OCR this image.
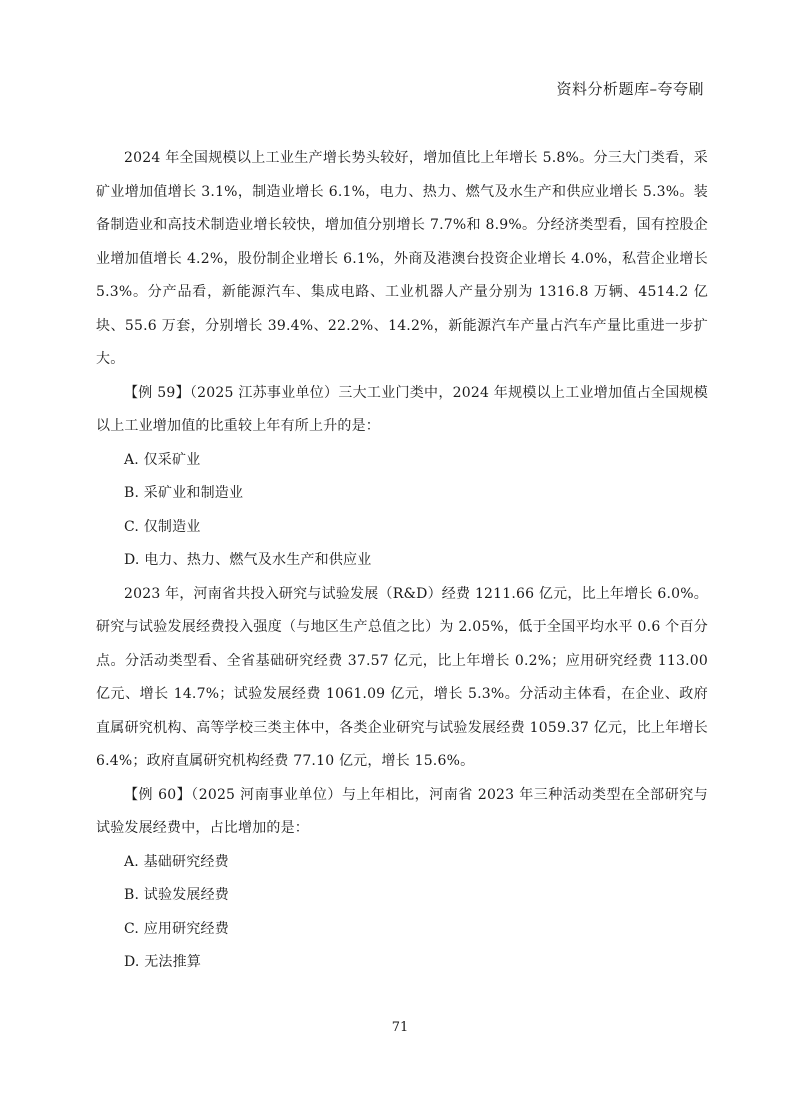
资料分析题库–夸夸刷

2024 年全国规模以上工业生产增长势头较好，增加值比上年增长 5.8%。分三大门类看，采矿业增加值增长 3.1%，制造业增长 6.1%，电力、热力、燃气及水生产和供应业增长 5.3%。装备制造业和高技术制造业增长较快，增加值分别增长 7.7%和 8.9%。分经济类型看，国有控股企业增加值增长 4.2%，股份制企业增长 6.1%，外商及港澳台投资企业增长 4.0%，私营企业增长 5.3%。分产品看，新能源汽车、集成电路、工业机器人产量分别为 1316.8 万辆、4514.2 亿块、55.6 万套，分别增长 39.4%、22.2%、14.2%，新能源汽车产量占汽车产量比重进一步扩大。

【例 59】（2025 江苏事业单位）三大工业门类中，2024 年规模以上工业增加值占全国规模以上工业增加值的比重较上年有所上升的是：

A. 仅采矿业

B. 采矿业和制造业

C. 仅制造业

D. 电力、热力、燃气及水生产和供应业

2023 年，河南省共投入研究与试验发展（R&D）经费 1211.66 亿元，比上年增长 6.0%。研究与试验发展经费投入强度（与地区生产总值之比）为 2.05%，低于全国平均水平 0.6 个百分点。分活动类型看、全省基础研究经费 37.57 亿元，比上年增长 0.2%；应用研究经费 113.00 亿元、增长 14.7%；试验发展经费 1061.09 亿元，增长 5.3%。分活动主体看，在企业、政府直属研究机构、高等学校三类主体中，各类企业研究与试验发展经费 1059.37 亿元，比上年增长 6.4%；政府直属研究机构经费 77.10 亿元，增长 15.6%。

【例 60】（2025 河南事业单位）与上年相比，河南省 2023 年三种活动类型在全部研究与试验发展经费中，占比增加的是：

A. 基础研究经费

B. 试验发展经费

C. 应用研究经费

D. 无法推算

71
